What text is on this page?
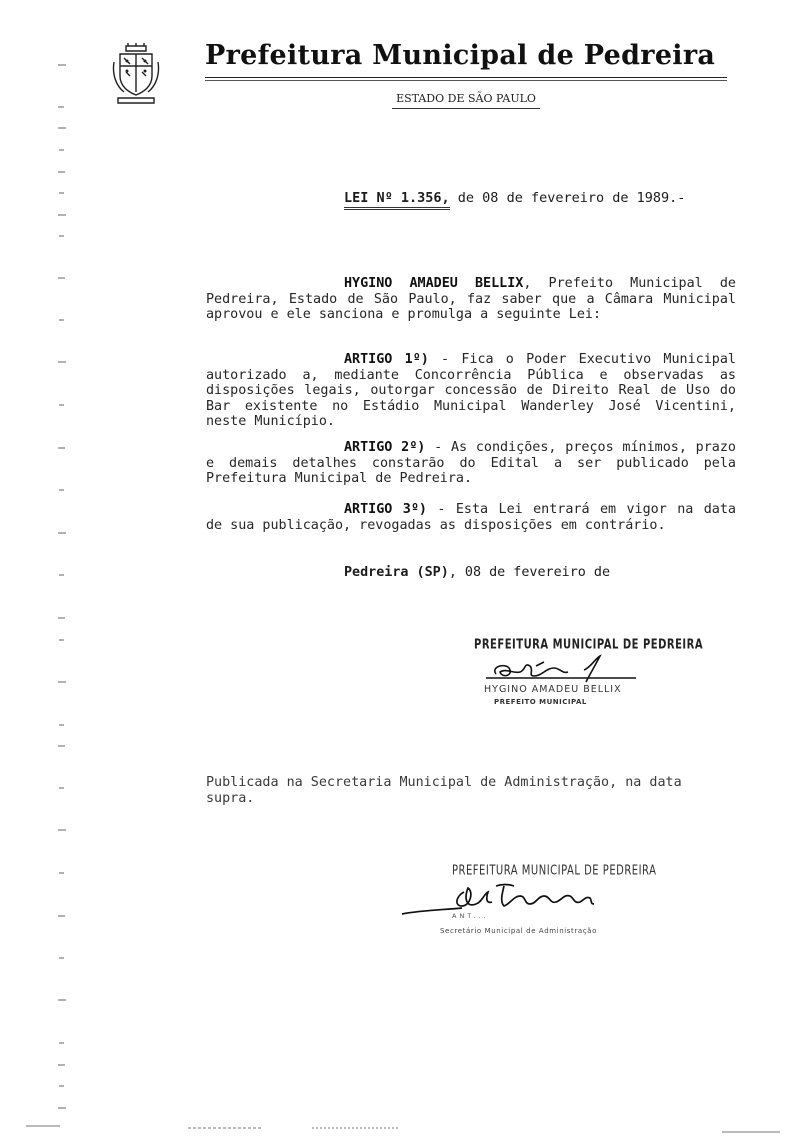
Prefeitura Municipal de Pedreira
ESTADO DE SÃO PAULO
LEI Nº 1.356, de 08 de fevereiro de 1989.-
HYGINO AMADEU BELLIX, Prefeito Municipal de Pedreira, Estado de São Paulo, faz saber que a Câmara Municipal aprovou e ele sanciona e promulga a seguinte Lei:
ARTIGO 1º) - Fica o Poder Executivo Municipal autorizado a, mediante Concorrência Pública e observadas as disposições legais, outorgar concessão de Direito Real de Uso do Bar existente no Estádio Municipal Wanderley José Vicentini, neste Município.
ARTIGO 2º) - As condições, preços mínimos, prazo e demais detalhes constarão do Edital a ser publicado pela Prefeitura Municipal de Pedreira.
ARTIGO 3º) - Esta Lei entrará em vigor na data de sua publicação, revogadas as disposições em contrário.
Pedreira (SP), 08 de fevereiro de
PREFEITURA MUNICIPAL DE PEDREIRA
HYGINO AMADEU BELLIX
PREFEITO MUNICIPAL
Publicada na Secretaria Municipal de Administração, na data supra.
PREFEITURA MUNICIPAL DE PEDREIRA
ANT...
Secretário Municipal de Administração
